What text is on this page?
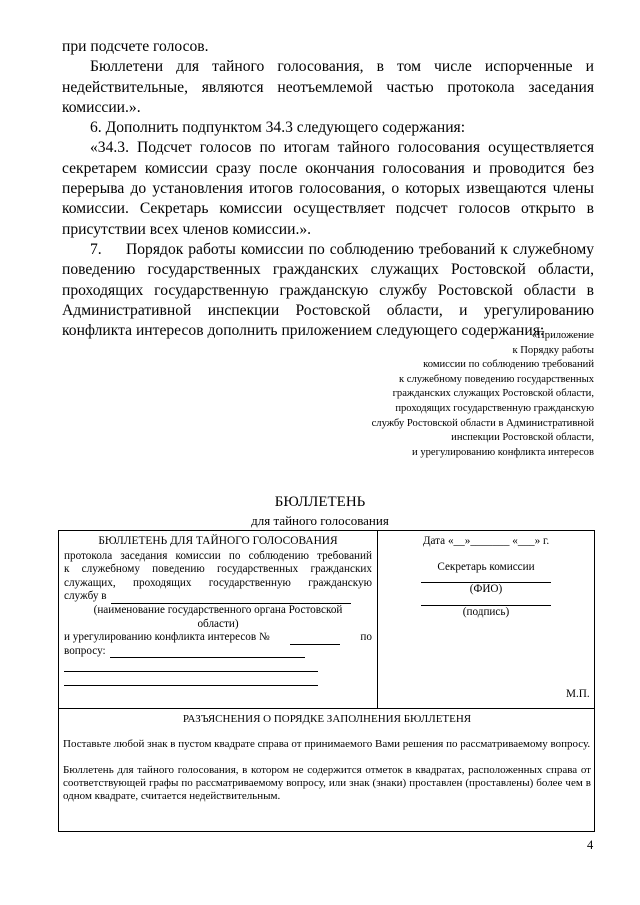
при подсчете голосов.

Бюллетени для тайного голосования, в том числе испорченные и недействительные, являются неотъемлемой частью протокола заседания комиссии.».

6. Дополнить подпунктом 34.3 следующего содержания:

«34.3. Подсчет голосов по итогам тайного голосования осуществляется секретарем комиссии сразу после окончания голосования и проводится без перерыва до установления итогов голосования, о которых извещаются члены комиссии. Секретарь комиссии осуществляет подсчет голосов открыто в присутствии всех членов комиссии.».

7. Порядок работы комиссии по соблюдению требований к служебному поведению государственных гражданских служащих Ростовской области, проходящих государственную гражданскую службу Ростовской области в Административной инспекции Ростовской области, и урегулированию конфликта интересов дополнить приложением следующего содержания:

«Приложение
к Порядку работы
комиссии по соблюдению требований
к служебному поведению государственных
гражданских служащих Ростовской области,
проходящих государственную гражданскую
службу Ростовской области в Административной
инспекции Ростовской области,
и урегулированию конфликта интересов
БЮЛЛЕТЕНЬ
для тайного голосования
БЮЛЛЕТЕНЬ ДЛЯ ТАЙНОГО ГОЛОСОВАНИЯ
протокола заседания комиссии по соблюдению требований
к служебному поведению государственных гражданских
служащих, проходящих государственную гражданскую
службу в
(наименование государственного органа Ростовской
области)
и урегулированию конфликта интересов №	по
вопросу:
Дата «__»_______ «___» г.
Секретарь комиссии
(ФИО)
(подпись)
М.П.
РАЗЪЯСНЕНИЯ О ПОРЯДКЕ ЗАПОЛНЕНИЯ БЮЛЛЕТЕНЯ

Поставьте любой знак в пустом квадрате справа от принимаемого Вами решения по рассматриваемому вопросу.

Бюллетень для тайного голосования, в котором не содержится отметок в квадратах, расположенных справа от соответствующей графы по рассматриваемому вопросу, или знак (знаки) проставлен (проставлены) более чем в одном квадрате, считается недействительным.

4
